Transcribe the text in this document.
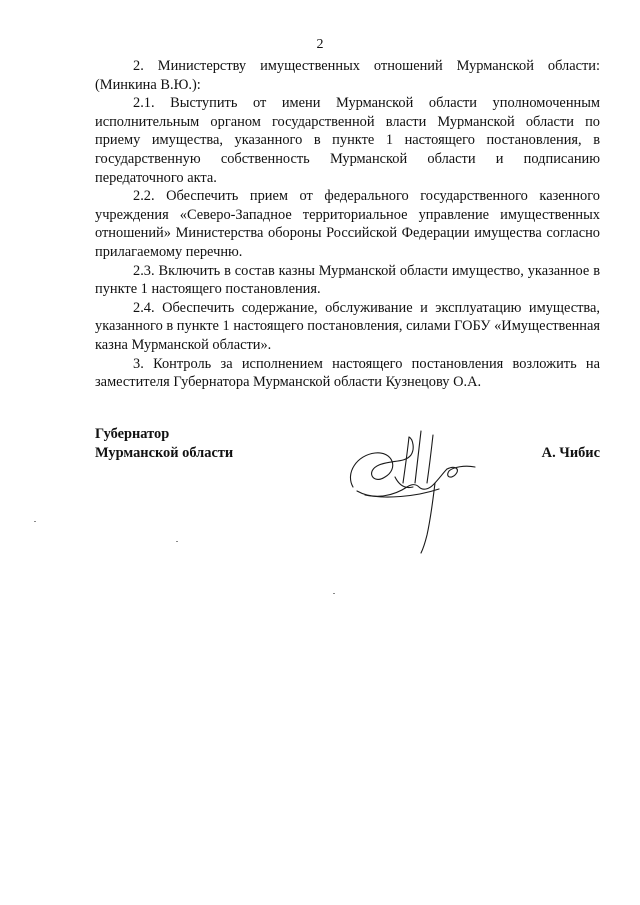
2

2. Министерству имущественных отношений Мурманской области: (Минкина В.Ю.):

2.1. Выступить от имени Мурманской области уполномоченным исполнительным органом государственной власти Мурманской области по приему имущества, указанного в пункте 1 настоящего постановления, в государственную собственность Мурманской области и подписанию передаточного акта.

2.2. Обеспечить прием от федерального государственного казенного учреждения «Северо-Западное территориальное управление имущественных отношений» Министерства обороны Российской Федерации имущества согласно прилагаемому перечню.

2.3. Включить в состав казны Мурманской области имущество, указанное в пункте 1 настоящего постановления.

2.4. Обеспечить содержание, обслуживание и эксплуатацию имущества, указанного в пункте 1 настоящего постановления, силами ГОБУ «Имущественная казна Мурманской области».

3. Контроль за исполнением настоящего постановления возложить на заместителя Губернатора Мурманской области Кузнецову О.А.

Губернатор
Мурманской области	А. Чибис
